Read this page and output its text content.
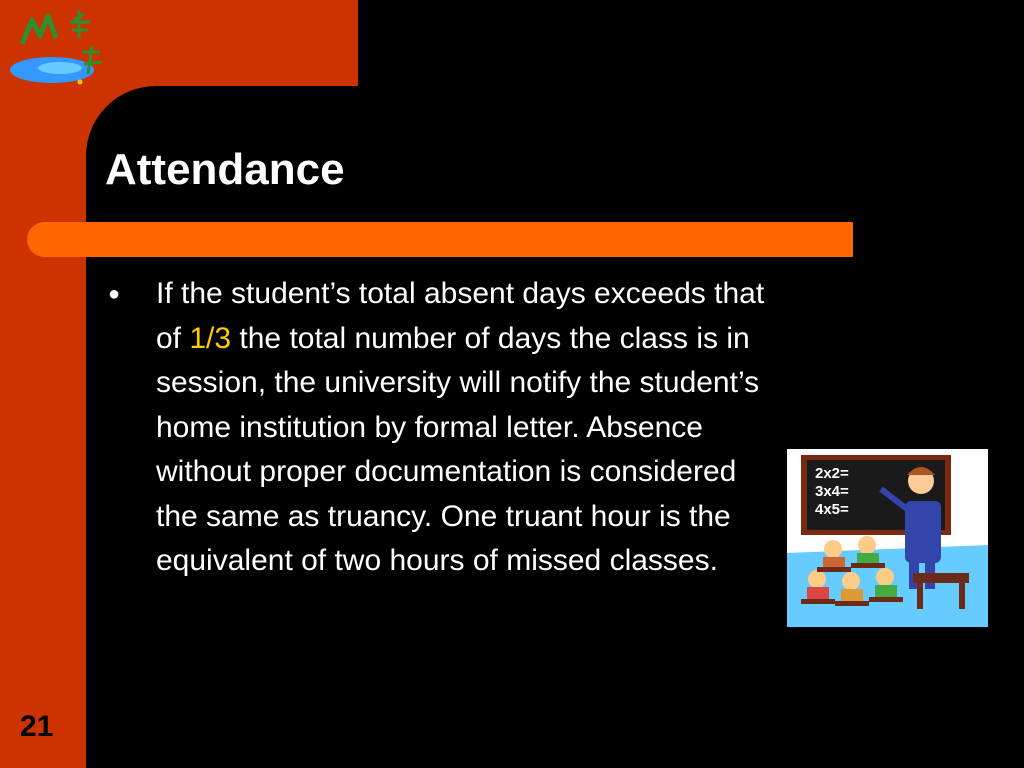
Attendance
● If the student’s total absent days exceeds that of 1/3 the total number of days the class is in session, the university will notify the student’s home institution by formal letter. Absence without proper documentation is considered the same as truancy. One truant hour is the equivalent of two hours of missed classes.

2x2=
3x4=
4x5=
21
